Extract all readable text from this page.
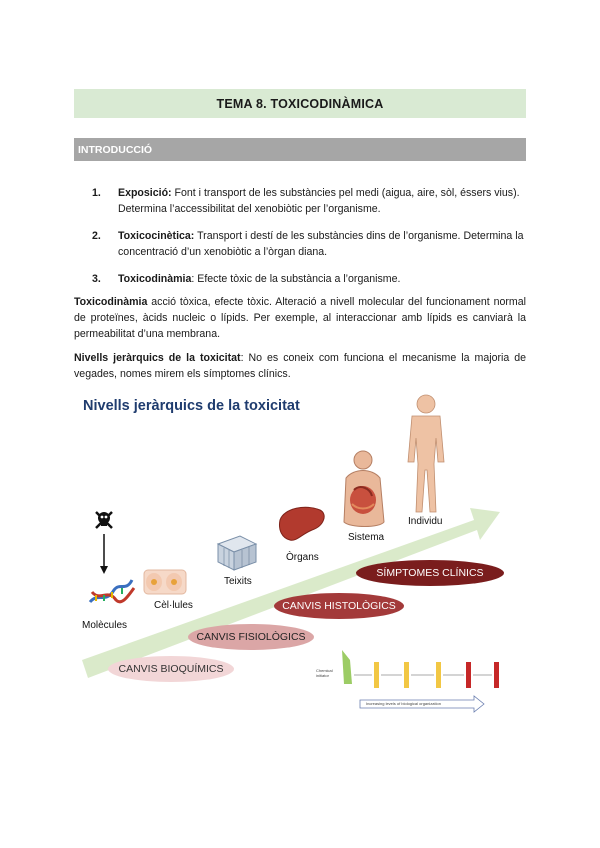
TEMA 8. TOXICODINÀMICA
INTRODUCCIÓ
1. Exposició: Font i transport de les substàncies pel medi (aigua, aire, sòl, éssers vius). Determina l’accessibilitat del xenobiòtic per l’organisme.
2. Toxicocinètica: Transport i destí de les substàncies dins de l’organisme. Determina la concentració d’un xenobiòtic a l’òrgan diana.
3. Toxicodinàmia: Efecte tòxic de la substància a l’organisme.

Toxicodinàmia acció tòxica, efecte tòxic. Alteració a nivell molecular del funcionament normal de proteïnes, àcids nucleic o lípids. Per exemple, al interaccionar amb lípids es canviarà la permeabilitat d’una membrana.

Nivells jeràrquics de la toxicitat: No es coneix com funciona el mecanisme la majoria de vegades, nomes mirem els símptomes clínics.

Nivells jeràrquics de la toxicitat
Molècules
Cèl·lules
Teixits
Òrgans
Sistema
Individu
CANVIS BIOQUÍMICS
CANVIS FISIOLÒGICS
CANVIS HISTOLÒGICS
SÍMPTOMES CLÍNICS
Chemical initiator
Increasing levels of biological organization
